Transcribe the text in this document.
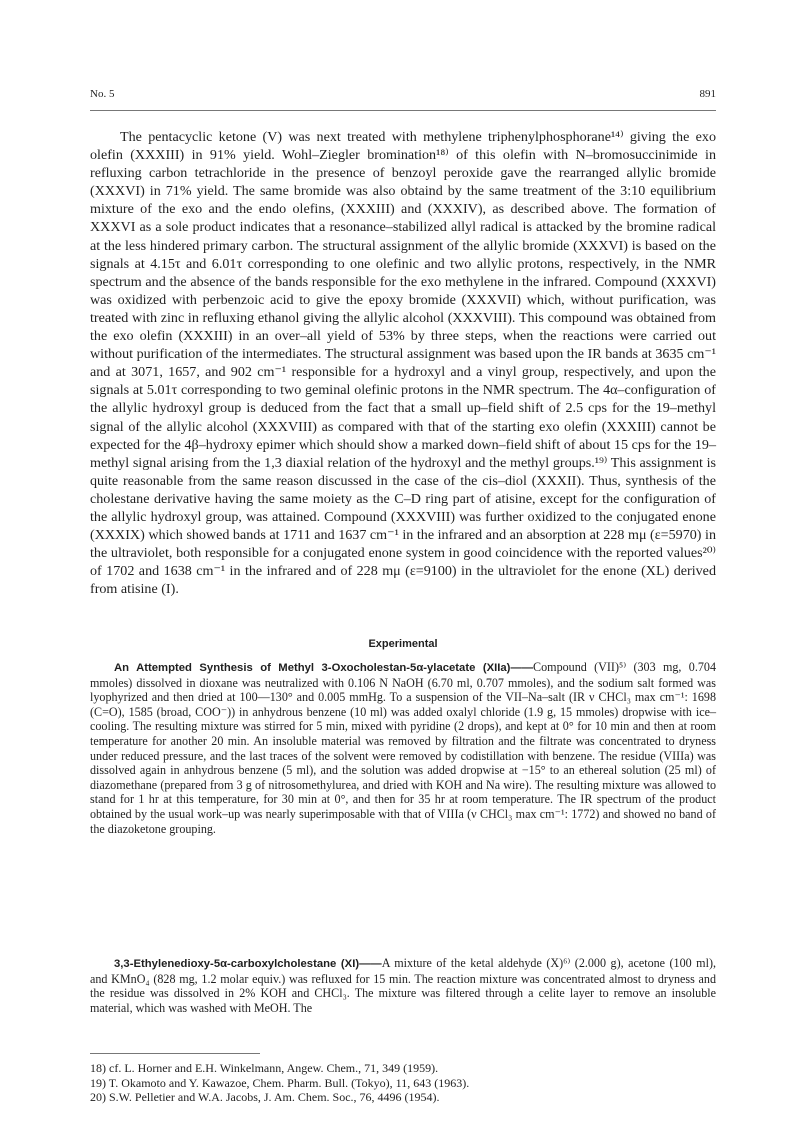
No. 5	891

The pentacyclic ketone (V) was next treated with methylene triphenylphosphorane¹⁴⁾ giving the exo olefin (XXXIII) in 91% yield. Wohl–Ziegler bromination¹⁸⁾ of this olefin with N–bromosuccinimide in refluxing carbon tetrachloride in the presence of benzoyl peroxide gave the rearranged allylic bromide (XXXVI) in 71% yield. The same bromide was also obtaind by the same treatment of the 3:10 equilibrium mixture of the exo and the endo olefins, (XXXIII) and (XXXIV), as described above. The formation of XXXVI as a sole product indicates that a resonance–stabilized allyl radical is attacked by the bromine radical at the less hindered primary carbon. The structural assignment of the allylic bromide (XXXVI) is based on the signals at 4.15τ and 6.01τ corresponding to one olefinic and two allylic protons, respectively, in the NMR spectrum and the absence of the bands responsible for the exo methylene in the infrared. Compound (XXXVI) was oxidized with perbenzoic acid to give the epoxy bromide (XXXVII) which, without purification, was treated with zinc in refluxing ethanol giving the allylic alcohol (XXXVIII). This compound was obtained from the exo olefin (XXXIII) in an over–all yield of 53% by three steps, when the reactions were carried out without purification of the intermediates. The structural assignment was based upon the IR bands at 3635 cm⁻¹ and at 3071, 1657, and 902 cm⁻¹ responsible for a hydroxyl and a vinyl group, respectively, and upon the signals at 5.01τ corresponding to two geminal olefinic protons in the NMR spectrum. The 4α–configuration of the allylic hydroxyl group is deduced from the fact that a small up–field shift of 2.5 cps for the 19–methyl signal of the allylic alcohol (XXXVIII) as compared with that of the starting exo olefin (XXXIII) cannot be expected for the 4β–hydroxy epimer which should show a marked down–field shift of about 15 cps for the 19–methyl signal arising from the 1,3 diaxial relation of the hydroxyl and the methyl groups.¹⁹⁾ This assignment is quite reasonable from the same reason discussed in the case of the cis–diol (XXXII). Thus, synthesis of the cholestane derivative having the same moiety as the C–D ring part of atisine, except for the configuration of the allylic hydroxyl group, was attained. Compound (XXXVIII) was further oxidized to the conjugated enone (XXXIX) which showed bands at 1711 and 1637 cm⁻¹ in the infrared and an absorption at 228 mμ (ε=5970) in the ultraviolet, both responsible for a conjugated enone system in good coincidence with the reported values²⁰⁾ of 1702 and 1638 cm⁻¹ in the infrared and of 228 mμ (ε=9100) in the ultraviolet for the enone (XL) derived from atisine (I).

Experimental

An Attempted Synthesis of Methyl 3-Oxocholestan-5α-ylacetate (XIIa)——Compound (VII)⁵⁾ (303 mg, 0.704 mmoles) dissolved in dioxane was neutralized with 0.106 N NaOH (6.70 ml, 0.707 mmoles), and the sodium salt formed was lyophyrized and then dried at 100—130° and 0.005 mmHg. To a suspension of the VII–Na–salt (IR ν CHCl₃ max cm⁻¹: 1698 (C=O), 1585 (broad, COO⁻)) in anhydrous benzene (10 ml) was added oxalyl chloride (1.9 g, 15 mmoles) dropwise with ice–cooling. The resulting mixture was stirred for 5 min, mixed with pyridine (2 drops), and kept at 0° for 10 min and then at room temperature for another 20 min. An insoluble material was removed by filtration and the filtrate was concentrated to dryness under reduced pressure, and the last traces of the solvent were removed by codistillation with benzene. The residue (VIIIa) was dissolved again in anhydrous benzene (5 ml), and the solution was added dropwise at −15° to an ethereal solution (25 ml) of diazomethane (prepared from 3 g of nitrosomethylurea, and dried with KOH and Na wire). The resulting mixture was allowed to stand for 1 hr at this temperature, for 30 min at 0°, and then for 35 hr at room temperature. The IR spectrum of the product obtained by the usual work–up was nearly superimposable with that of VIIIa (ν CHCl₃ max cm⁻¹: 1772) and showed no band of the diazoketone grouping.

3,3-Ethylenedioxy-5α-carboxylcholestane (XI)——A mixture of the ketal aldehyde (X)⁶⁾ (2.000 g), acetone (100 ml), and KMnO₄ (828 mg, 1.2 molar equiv.) was refluxed for 15 min. The reaction mixture was concentrated almost to dryness and the residue was dissolved in 2% KOH and CHCl₃. The mixture was filtered through a celite layer to remove an insoluble material, which was washed with MeOH. The

18) cf. L. Horner and E.H. Winkelmann, Angew. Chem., 71, 349 (1959).
19) T. Okamoto and Y. Kawazoe, Chem. Pharm. Bull. (Tokyo), 11, 643 (1963).
20) S.W. Pelletier and W.A. Jacobs, J. Am. Chem. Soc., 76, 4496 (1954).
